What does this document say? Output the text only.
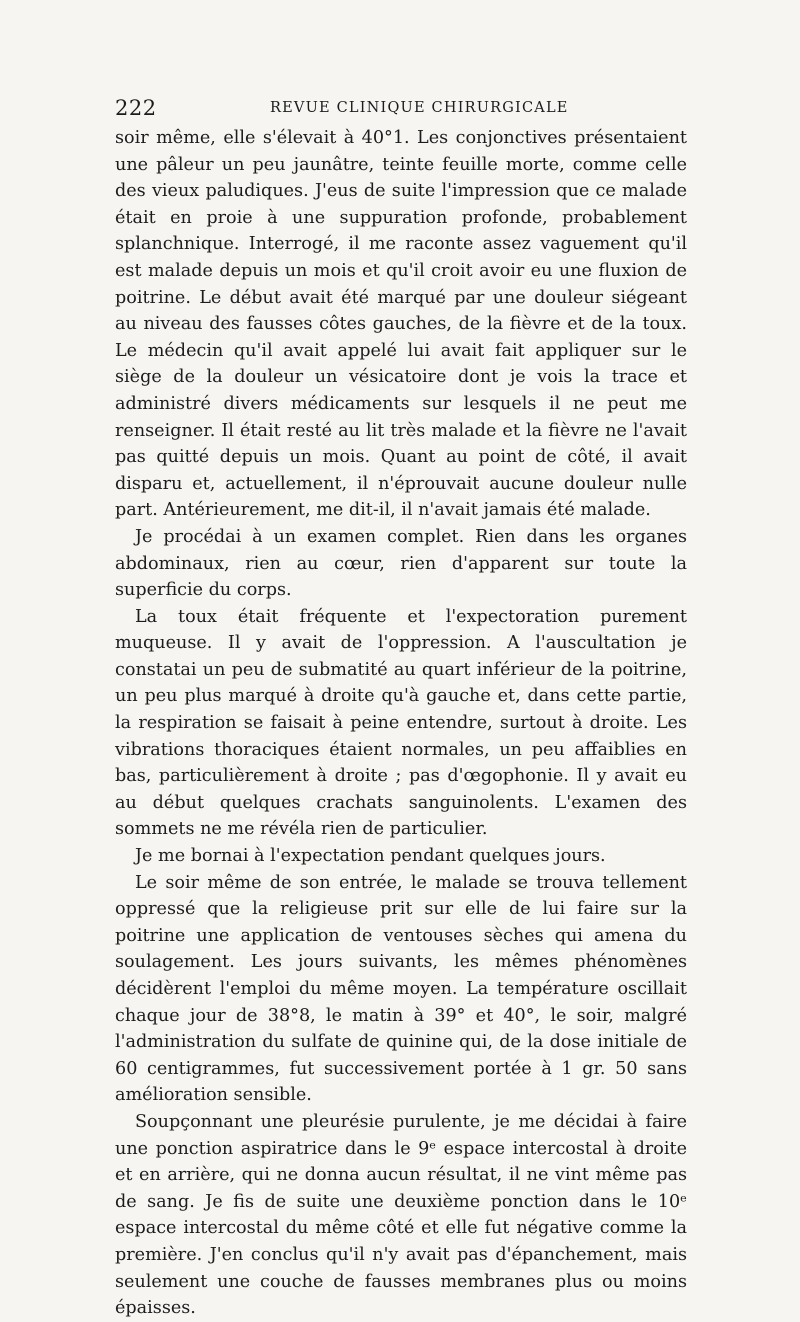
222	REVUE CLINIQUE CHIRURGICALE

soir même, elle s'élevait à 40°1. Les conjonctives présentaient une pâleur un peu jaunâtre, teinte feuille morte, comme celle des vieux paludiques. J'eus de suite l'impression que ce malade était en proie à une suppuration profonde, probablement splanchnique. Interrogé, il me raconte assez vaguement qu'il est malade depuis un mois et qu'il croit avoir eu une fluxion de poitrine. Le début avait été marqué par une douleur siégeant au niveau des fausses côtes gauches, de la fièvre et de la toux. Le médecin qu'il avait appelé lui avait fait appliquer sur le siège de la douleur un vésicatoire dont je vois la trace et administré divers médicaments sur lesquels il ne peut me renseigner. Il était resté au lit très malade et la fièvre ne l'avait pas quitté depuis un mois. Quant au point de côté, il avait disparu et, actuellement, il n'éprouvait aucune douleur nulle part. Antérieurement, me dit-il, il n'avait jamais été malade.

Je procédai à un examen complet. Rien dans les organes abdominaux, rien au cœur, rien d'apparent sur toute la superficie du corps.

La toux était fréquente et l'expectoration purement muqueuse. Il y avait de l'oppression. A l'auscultation je constatai un peu de submatité au quart inférieur de la poitrine, un peu plus marqué à droite qu'à gauche et, dans cette partie, la respiration se faisait à peine entendre, surtout à droite. Les vibrations thoraciques étaient normales, un peu affaiblies en bas, particulièrement à droite ; pas d'œgophonie. Il y avait eu au début quelques crachats sanguinolents. L'examen des sommets ne me révéla rien de particulier.

Je me bornai à l'expectation pendant quelques jours.

Le soir même de son entrée, le malade se trouva tellement oppressé que la religieuse prit sur elle de lui faire sur la poitrine une application de ventouses sèches qui amena du soulagement. Les jours suivants, les mêmes phénomènes décidèrent l'emploi du même moyen. La température oscillait chaque jour de 38°8, le matin à 39° et 40°, le soir, malgré l'administration du sulfate de quinine qui, de la dose initiale de 60 centigrammes, fut successivement portée à 1 gr. 50 sans amélioration sensible.

Soupçonnant une pleurésie purulente, je me décidai à faire une ponction aspiratrice dans le 9ᵉ espace intercostal à droite et en arrière, qui ne donna aucun résultat, il ne vint même pas de sang. Je fis de suite une deuxième ponction dans le 10ᵉ espace intercostal du même côté et elle fut négative comme la première. J'en conclus qu'il n'y avait pas d'épanchement, mais seulement une couche de fausses membranes plus ou moins épaisses.
